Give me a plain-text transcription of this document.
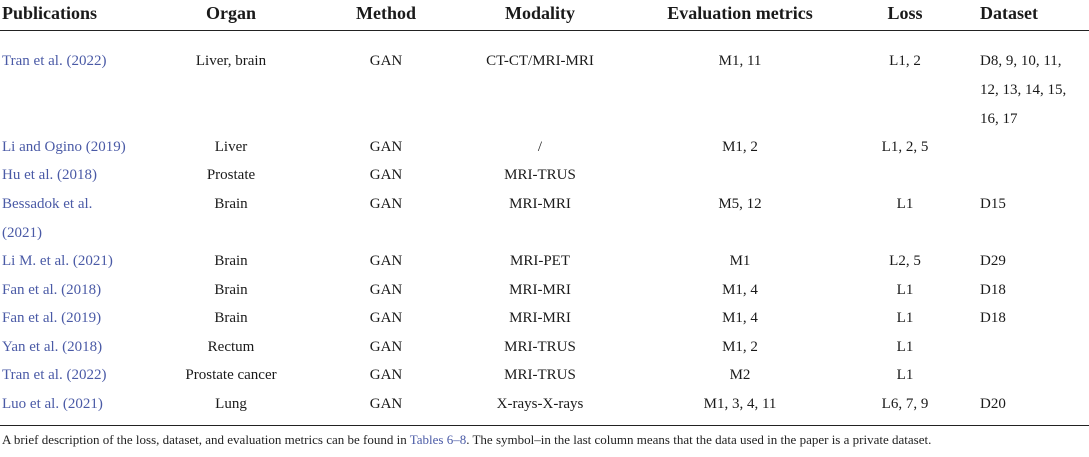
Publications	Organ	Method	Modality	Evaluation metrics	Loss	Dataset
Tran et al. (2022)	Liver, brain	GAN	CT-CT/MRI-MRI	M1, 11	L1, 2	D8, 9, 10, 11,
12, 13, 14, 15,
16, 17
Li and Ogino (2019)	Liver	GAN	/	M1, 2	L1, 2, 5
Hu et al. (2018)	Prostate	GAN	MRI-TRUS
Bessadok et al.
(2021)
Brain	GAN	MRI-MRI	M5, 12	L1	D15
Li M. et al. (2021)	Brain	GAN	MRI-PET	M1	L2, 5	D29
Fan et al. (2018)	Brain	GAN	MRI-MRI	M1, 4	L1	D18
Fan et al. (2019)	Brain	GAN	MRI-MRI	M1, 4	L1	D18
Yan et al. (2018)	Rectum	GAN	MRI-TRUS	M1, 2	L1
Tran et al. (2022)	Prostate cancer	GAN	MRI-TRUS	M2	L1
Luo et al. (2021)	Lung	GAN	X-rays-X-rays	M1, 3, 4, 11	L6, 7, 9	D20
A brief description of the loss, dataset, and evaluation metrics can be found in Tables 6–8. The symbol–in the last column means that the data used in the paper is a private dataset.
